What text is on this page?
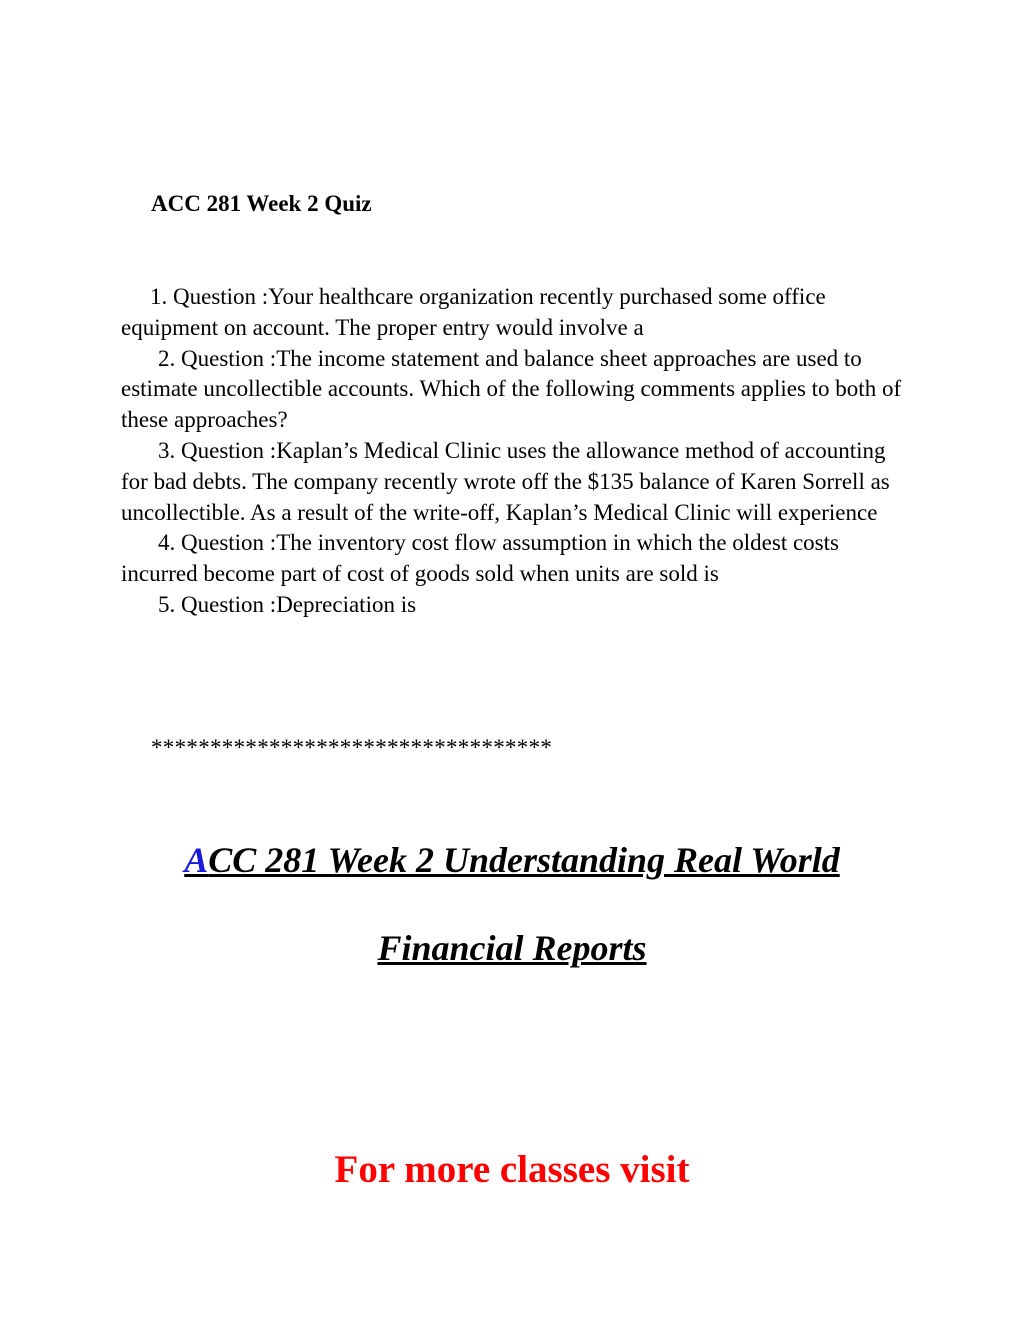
ACC 281 Week 2 Quiz

1. Question :Your healthcare organization recently purchased some office equipment on account. The proper entry would involve a
2. Question :The income statement and balance sheet approaches are used to estimate uncollectible accounts. Which of the following comments applies to both of these approaches?
3. Question :Kaplan’s Medical Clinic uses the allowance method of accounting for bad debts. The company recently wrote off the $135 balance of Karen Sorrell as uncollectible. As a result of the write-off, Kaplan’s Medical Clinic will experience
4. Question :The inventory cost flow assumption in which the oldest costs incurred become part of cost of goods sold when units are sold is
5. Question :Depreciation is

**********************************

ACC 281 Week 2 Understanding Real World

Financial Reports

For more classes visit
